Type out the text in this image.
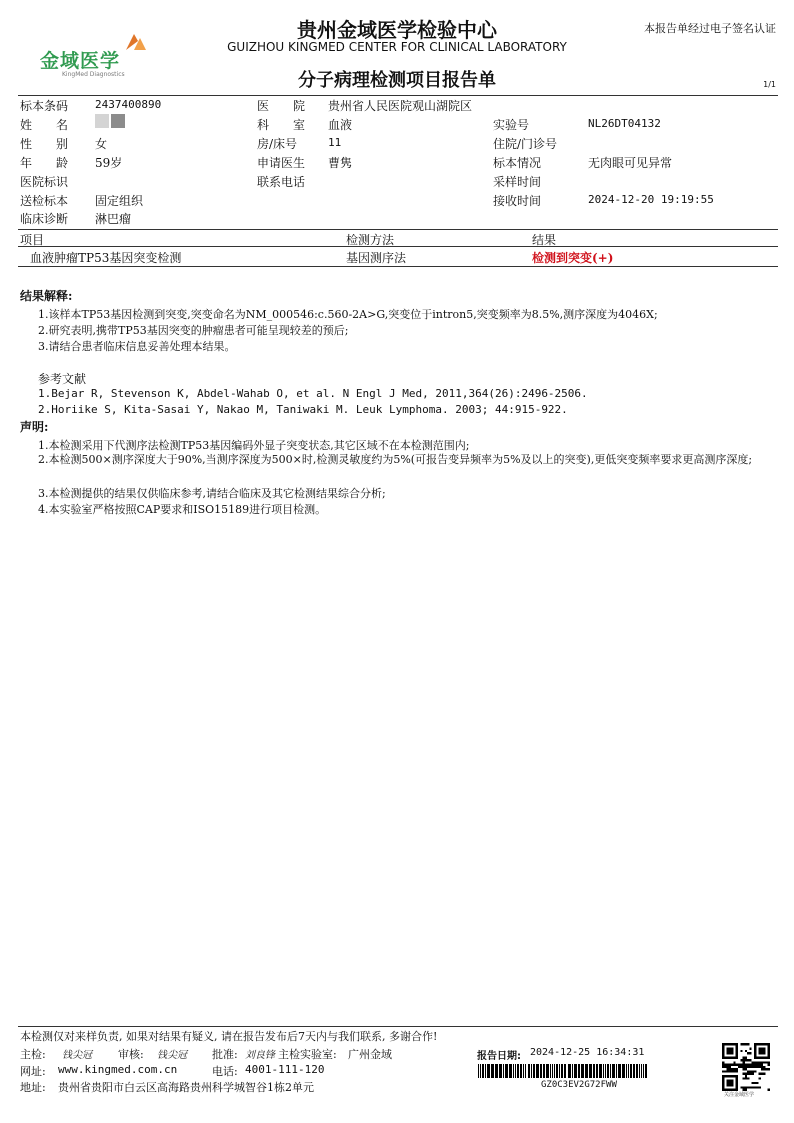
金域医学
KingMed Diagnostics
贵州金域医学检验中心
GUIZHOU KINGMED CENTER FOR CLINICAL LABORATORY
分子病理检测项目报告单
本报告单经过电子签名认证
1/1
标本条码 2437400890	医　　院 贵州省人民医院观山湖院区
姓　　名	科　　室 血液	实验号	NL26DT04132
性　　别 女	房/床号	11	住院/门诊号
年　　龄 59岁	申请医生 曹隽	标本情况	无肉眼可见异常
医院标识	联系电话	采样时间
送检标本 固定组织	接收时间	2024-12-20 19:19:55
临床诊断 淋巴瘤
项目	检测方法	结果
血液肿瘤TP53基因突变检测	基因测序法	检测到突变(+)
结果解释:
1.该样本TP53基因检测到突变,突变命名为NM_000546:c.560-2A>G,突变位于intron5,突变频率为8.5%,测序深度为4046X;
2.研究表明,携带TP53基因突变的肿瘤患者可能呈现较差的预后;
3.请结合患者临床信息妥善处理本结果。
参考文献
1.Bejar R, Stevenson K, Abdel-Wahab O, et al. N Engl J Med, 2011,364(26):2496-2506.
2.Horiike S, Kita-Sasai Y, Nakao M, Taniwaki M. Leuk Lymphoma. 2003; 44:915-922.
声明:
1.本检测采用下代测序法检测TP53基因编码外显子突变状态,其它区域不在本检测范围内;
2.本检测500×测序深度大于90%,当测序深度为500×时,检测灵敏度约为5%(可报告变异频率为5%及以上的突变),更低突变频率要求更高测序深度;
3.本检测提供的结果仅供临床参考,请结合临床及其它检测结果综合分析;
4.本实验室严格按照CAP要求和ISO15189进行项目检测。
本检测仅对来样负责, 如果对结果有疑义, 请在报告发布后7天内与我们联系, 多谢合作!
主检: 钱尖冠 审核: 钱尖冠 批准: 刘良锋 主检实验室: 广州金域	报告日期: 2024-12-25 16:34:31
网址: www.kingmed.com.cn	电话: 4001-111-120
地址: 贵州省贵阳市白云区高海路贵州科学城智谷1栋2单元	GZ0C3EV2G72FWW
关注金域医学
